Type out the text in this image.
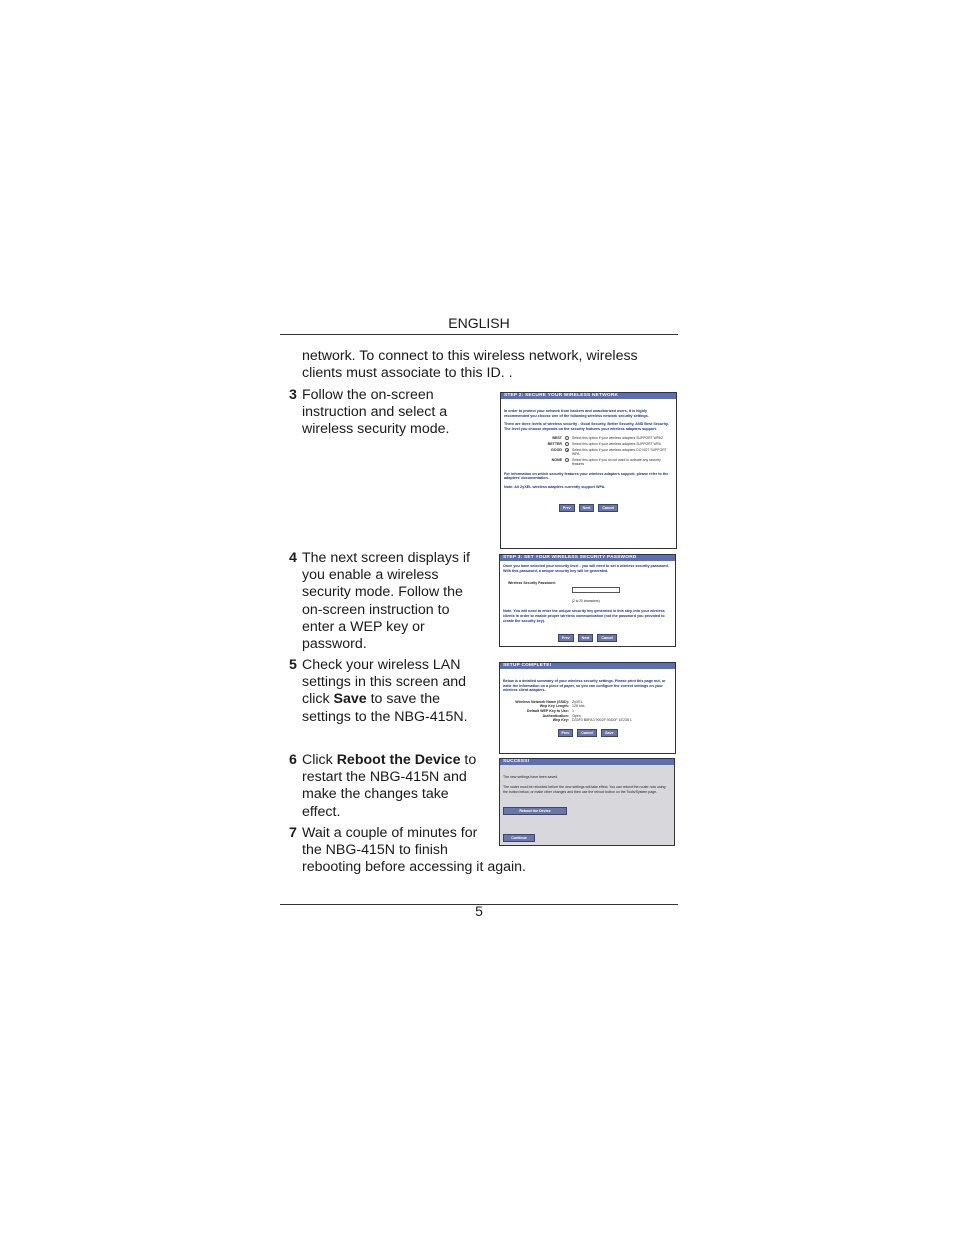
ENGLISH
network. To connect to this wireless network, wireless clients must associate to this ID. .
3 Follow the on-screen
instruction and select a
wireless security mode.
4 The next screen displays if
you enable a wireless
security mode. Follow the
on-screen instruction to
enter a WEP key or
password.
5 Check your wireless LAN
settings in this screen and
click Save to save the
settings to the NBG-415N.
6 Click Reboot the Device to
restart the NBG-415N and
make the changes take
effect.
7 Wait a couple of minutes for
the NBG-415N to finish
rebooting before accessing it again.
STEP 2: SECURE YOUR WIRELESS NETWORK
In order to protect your network from hackers and unauthorized users, it is highly recommended you choose one of the following wireless network security settings.
There are three levels of wireless security - Good Security, Better Security, AND Best Security. The level you choose depends on the security features your wireless adapters support.
BEST	Select this option if your wireless adapters SUPPORT WPA2
BETTER	Select this option if your wireless adapters SUPPORT WPA
GOOD	Select this option if your wireless adapters DO NOT SUPPORT WPA
NONE	Select this option if you do not want to activate any security features
For information on which security features your wireless adapters support, please refer to the adapters' documentation.
Note: All ZyXEL wireless adapters currently support WPA.
Prev	Next	Cancel
STEP 3: SET YOUR WIRELESS SECURITY PASSWORD
Once you have selected your security level - you will need to set a wireless security password. With this password, a unique security key will be generated.
Wireless Security Password:
(2 to 20 characters)
Note: You will need to enter the unique security key generated in this step into your wireless clients in order to enable proper wireless communication (not the password you provided to create the security key).
Prev	Next	Cancel
SETUP COMPLETE!
Below is a detailed summary of your wireless security settings. Please print this page out, or write the information on a piece of paper, so you can configure the correct settings on your wireless client adapters.
Wireless Network Name (SSID): ZyXEL
Wep Key Length: 128 bits
Default WEP Key to Use: 1
Authentication: Open
Wep Key: D33F0 B8FA3 9002F 90D0F 1E238 1
Prev	Cancel	Save
SUCCESS!
The new settings have been saved.
The router must be rebooted before the new settings will take effect. You can reboot the router now using the button below, or make other changes and then use the reboot button on the Tools/System page.
Reboot the Device
Continue
5
